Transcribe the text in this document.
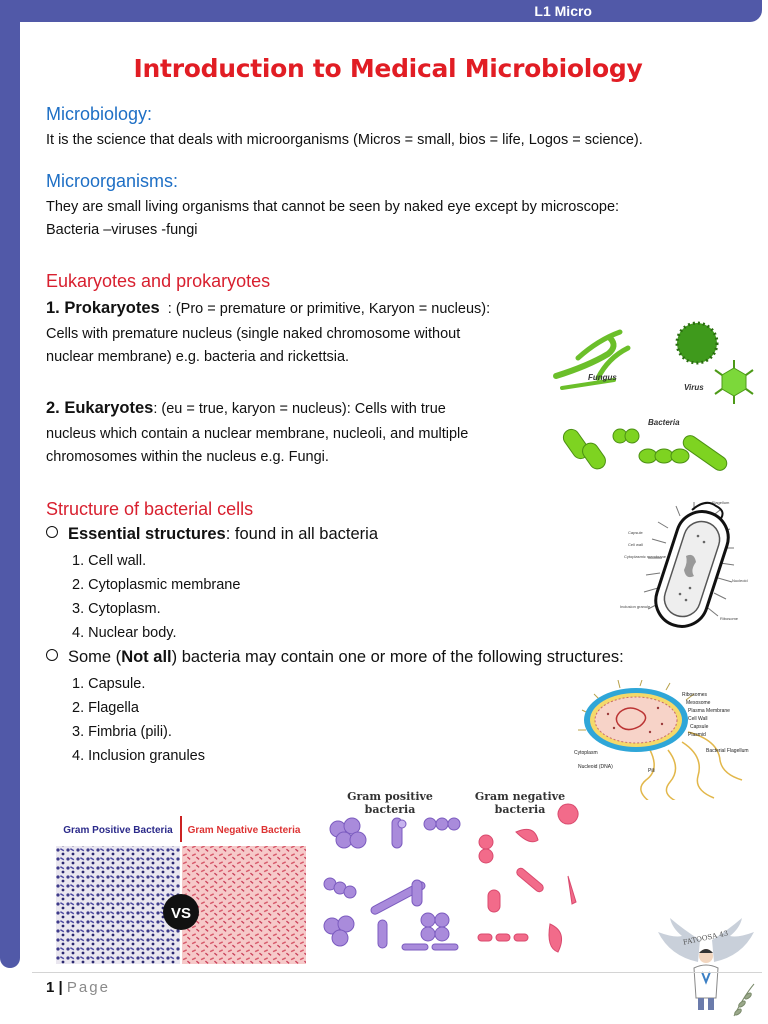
L1 Micro
Introduction to Medical Microbiology
Microbiology:
It is the science that deals with microorganisms (Micros = small, bios = life, Logos = science).
Microorganisms:
They are small living organisms that cannot be seen by naked eye except by microscope:
Bacteria –viruses -fungi
Eukaryotes and prokaryotes
1. Prokaryotes  : (Pro = premature or primitive, Karyon = nucleus):
Cells with premature nucleus (single naked chromosome without
nuclear membrane) e.g. bacteria and rickettsia.
2. Eukaryotes: (eu = true, karyon = nucleus): Cells with true
nucleus which contain a nuclear membrane, nucleoli, and multiple
chromosomes within the nucleus e.g. Fungi.
Structure of bacterial cells
Essential structures: found in all bacteria
1. Cell wall.
2. Cytoplasmic membrane
3. Cytoplasm.
4. Nuclear body.
Some (Not all) bacteria may contain one or more of the following structures:
1. Capsule.
2. Flagella
3. Fimbria (pili).
4. Inclusion granules
Fungus
Virus
Bacteria
Flagellum
Capsule
Cell wall
Cytoplasmic membrane
Inclusion granule
Nucleoid
Ribosome
Ribosomes
Mesosome
Plasma Membrane
Cell Wall
Capsule
Plasmid
Bacterial Flagellum
Cytoplasm
Nucleoid (DNA)
Pili
Gram Positive Bacteria Gram Negative Bacteria
VS
Gram positive
bacteria
Gram negative
bacteria
FATOOSA 43
1 | Page
